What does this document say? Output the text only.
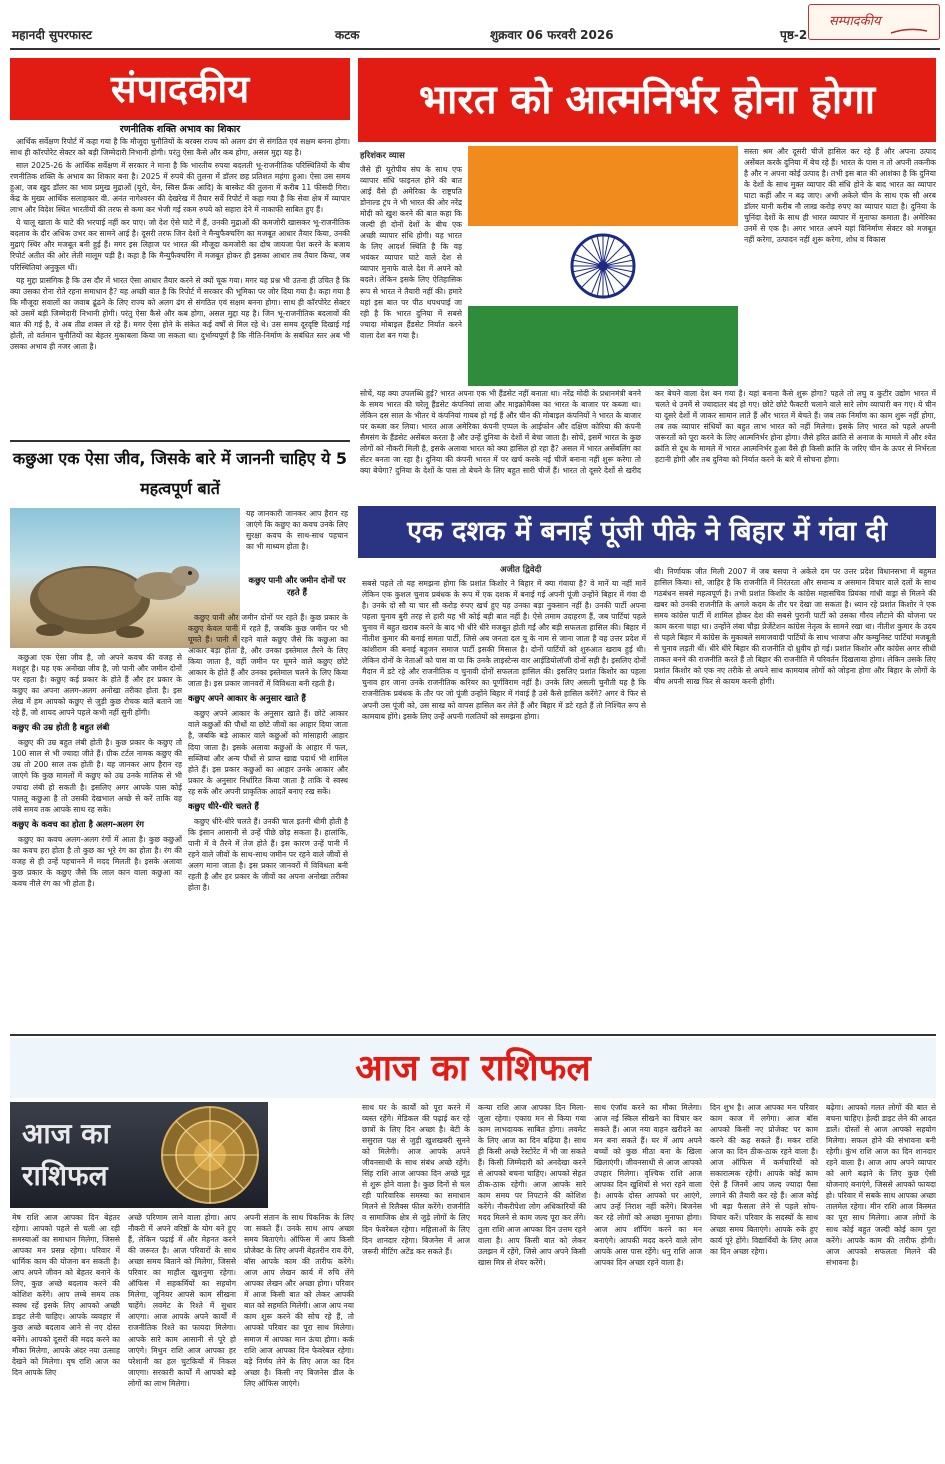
महानदी सुपरफास्ट	कटक	शुक्रवार 06 फरवरी 2026	पृष्ठ-2
सम्पादकीय
संपादकीय
रणनीतिक शक्ति अभाव का शिकार

आर्थिक सर्वेक्षण रिपोर्ट में कहा गया है कि मौजूदा चुनौतियों के बरक्स राज्य को अलग ढंग से संगठित एवं सक्षम बनना होगा। साथ ही कॉरपोरेट सेक्टर को बड़ी जिम्मेदारी निभानी होगी। परंतु ऐसा कैसे और कब होगा, असल मुद्दा यह है।

साल 2025-26 के आर्थिक सर्वेक्षण में सरकार ने माना है कि भारतीय रुपया बदलती भू-राजनीतिक परिस्थितियों के बीच रणनीतिक शक्ति के अभाव का शिकार बना है। 2025 में रुपये की तुलना में डॉलर छह प्रतिशत महंगा हुआ। ऐसा उस समय हुआ, जब खुद डॉलर का भाव प्रमुख मुद्राओं (यूरो, येन, स्विस फ्रैंक आदि) के बास्केट की तुलना में करीब 11 फीसदी गिरा। केंद्र के मुख्य आर्थिक सलाहकार वी. अनंत नागेश्वरन की देखरेख में तैयार सर्वे रिपोर्ट में कहा गया है कि सेवा क्षेत्र में व्यापार लाभ और विदेश स्थित भारतीयों की तरफ से कमा कर भेजी गई रकम रुपये को सहारा देने में नाकाफी साबित हुए हैं।

ये चालू खाता के घाटे की भरपाई नहीं कर पाए। जो देश ऐसे घाटे में हैं, उनकी मुद्राओं की कमजोरी खासकर भू-राजनीतिक बदलाव के दौर अधिक उभर कर सामने आई है। दूसरी तरफ जिन देशों ने मैन्युफैक्चरिंग का मजबूत आधार तैयार किया, उनकी मुद्राएं स्थिर और मजबूत बनी हुई हैं। मगर इस लिहाज पर भारत की मौजूदा कमजोरी का दोष जायजा पेश करने के बजाय रिपोर्ट अतीत की ओर लेती मालूम पड़ी है। कहा है कि मैन्युफैक्चरिंग में मजबूत होकर ही इसका आधार तब तैयार किया, जब परिस्थितियां अनुकूल थीं।

यह मुद्दा प्रासंगिक है कि उस दौर में भारत ऐसा आधार तैयार करने से क्यों चूक गया। मगर यह प्रश्न भी उतना ही उचित है कि क्या उसका रोना रोते रहना समाधान है? यह अच्छी बात है कि रिपोर्ट में सरकार की भूमिका पर जोर दिया गया है। कहा गया है कि मौजूदा सवालों का जवाब ढूंढने के लिए राज्य को अलग ढंग से संगठित एवं सक्षम बनना होगा। साथ ही कॉरपोरेट सेक्टर को उसमें बड़ी जिम्मेदारी निभानी होगी। परंतु ऐसा कैसे और कब होगा, असल मुद्दा यह है। जिन भू-राजनीतिक बदलावों की बात की गई है, वे अब तीव्र शक्ल ले रहे हैं। मगर ऐसा होने के संकेत कई वर्षों से मिल रहे थे। उस समय दूरदृष्टि दिखाई गई होती, तो वर्तमान चुनौतियों का बेहतर मुकाबला किया जा सकता था। दुर्भाग्यपूर्ण है कि नीति-निर्माण के सबंधित स्तर अब भी उसका अभाव ही नजर आता है।

भारत को आत्मनिर्भर होना होगा
हरिशंकर व्यास
जैसे ही यूरोपीय संघ के साथ एफ व्यापार संधि फाइनल होने की बात आई वैसे ही अमेरिका के राष्ट्रपति डोनाल्ड ट्रंप ने भी भारत की ओर नरेंद्र मोदी को खुश करने की बात कहा कि जल्दी ही दोनों देशों के बीच एक अच्छी व्यापार संधि होगी। यह भारत के लिए आदर्श स्थिति है कि वह भयंकर व्यापार घाटे वाले देश से व्यापार मुनाफे वाले देश में अपने को बदले। लेकिन इसके लिए ऐतिहासिक रूप से भारत ने तैयारी नहीं की। हमारे यहां इस बात पर पीठ थपथपाई जा रही है कि भारत दुनिया में सबसे ज्यादा मोबाइल हैंडसेट निर्यात करने वाला देश बन गया है।
सस्ता श्रम और दूसरी चीजें हासिल कर रहे हैं और अपना उत्पाद असेंबल करके दुनिया में बेच रहे हैं। भारत के पास न तो अपनी तकनीक है और न अपना कोई उत्पाद है। तभी इस बात की आशंका है कि दुनिया के देशों के साथ मुक्त व्यापार की संधि होने के बाद भारत का व्यापार घाटा कहीं और न बढ़ जाए। अभी अकेले चीन के साथ एक सौ अरब डॉलर यानी करीब नौ लाख करोड़ रुपए का व्यापार घाटा है। दुनिया के चुनिंदा देशों के साथ ही भारत व्यापार में मुनाफा कमाता है। अमेरिका उनमें से एक है। अगर भारत अपने यहां विनिर्माण सेक्टर को मजबूत नहीं करेगा, उत्पादन नहीं शुरू करेगा, शोध व विकास
सोचें, यह क्या उपलब्धि हुई? भारत अपना एक भी हैंडसेट नहीं बनाता था। नरेंद्र मोदी के प्रधानमंत्री बनने के समय भारत की चरेलू हैंडसेट कंपनियां लावा और माइक्रोमैक्स का भारत के बाजार पर कब्जा था। लेकिन दस साल के भीतर ये कंपनियां गायब हो गई हैं और चीन की मोबाइल कंपनियों ने भारत के बाजार पर कब्जा कर लिया। भारत आज अमेरिका कंपनी एप्पल के आईफोन और दक्षिण कोरिया की कंपनी सैमसंग के हैंडसेट असेंबल करता है और उन्हें दुनिया के देशों में बेचा जाता है। सोचें, इसमें भारत के कुछ लोगों को नौकरी मिली है, इसके अलावा भारत को क्या हासिल हो रहा है? असल में भारत असेंबलिंग का सेंटर बनता जा रहा है। दुनिया की कंपनी भारत में पर खर्च करके नई चीजें बनाना नहीं शुरू करेगा तो क्या बेचेगा? दुनिया के देशों के पास तो बेचने के लिए बहुत सारी चीजें हैं। भारत तो दूसरे देशों से खरीद कर बेचने वाला देश बन गया है। यहां बनाना कैसे शुरू होगा? पहले तो लघु व कुटीर उद्योग भारत में चलते थे उनमें से ज्यादातर बंद हो गए। छोटे छोटे फैक्टरी चलाने वाले सारे लोग व्यापारी बन गए। ये चीन या दूसरे देशों में जाकर सामान लाते हैं और भारत में बेचते हैं। जब तक निर्माण का काम शुरू नहीं होगा, तब तक व्यापार संधियों का बहुत लाभ भारत को नहीं मिलेगा। इसके लिए भारत को पहले अपनी जरूरतों को पूरा करने के लिए आत्मनिर्भर होना होगा। जैसे हरित क्रांति से अनाज के मामले में और श्वेत क्रांति से दूध के मामले में भारत आत्मनिर्भर हुआ वैसे ही किसी क्रांति के जरिए चीन के ऊपर से निर्भरता हटानी होगी और तब दुनिया को निर्यात करने के बारे में सोचना होगा।
कछुआ एक ऐसा जीव, जिसके बारे में जाननी चाहिए ये 5 महत्वपूर्ण बातें
यह जानकारी जानकर आप हैरान रह जाएंगे कि कछुए का कवच उनके लिए सुरक्षा कवच के साथ-साथ पहचान का भी माध्यम होता है।
कछुए पानी और जमीन दोनों पर रहते हैं

कछुआ एक ऐसा जीव है, जो अपने कवच की वजह से मशहूर है। यह एक अनोखा जीव है, जो पानी और जमीन दोनों पर रहता है। कछुए कई प्रकार के होते हैं और हर प्रकार के कछुए का अपना अलग-अलग अनोखा तरीका होता है। इस लेख में हम आपको कछुए से जुड़ी कुछ रोचक बातें बताने जा रहे हैं, जो शायद आपने पहले कभी नहीं सुनी होंगी।

कछुए की उम्र होती है बहुत लंबी

कछुए की उम्र बहुत लंबी होती है। कुछ प्रकार के कछुए तो 100 साल से भी ज्यादा जीते हैं। ग्रीक टर्टल नामक कछुए की उम्र तो 200 साल तक होती है। यह जानकर आप हैरान रह जाएंगे कि कुछ मामलों में कछुए को उम्र उनके मालिक से भी ज्यादा लंबी हो सकती है। इसलिए अगर आपके पास कोई पालतू कछुआ है तो उसकी देखभाल अच्छे से करें ताकि वह लंबे समय तक आपके साथ रह सके।

कछुए के कवच का होता है अलग-अलग रंग

कछुए का कवच अलग-अलग रंगों में आता है। कुछ कछुओं का कवच हरा होता है तो कुछ का भूरे रंग का होता है। रंग की वजह से ही उन्हें पहचानने में मदद मिलती है। इसके अलावा कुछ प्रकार के कछुए जैसे कि लाल कान वाला कछुआ का कवच नीले रंग का भी होता है।

कछुए पानी और जमीन दोनों पर रहते हैं। कुछ प्रकार के कछुए केवल पानी में रहते हैं, जबकि कुछ जमीन पर भी घूमते हैं। पानी में रहने वाले कछुए जैसे कि कछुआ का आकार बड़ा होता है, और उनका इस्तेमाल तैरने के लिए किया जाता है, वहीं जमीन पर घूमने वाले कछुए छोटे आकार के होते हैं और उनका इस्तेमाल चलने के लिए किया जाता है। इस प्रकार जानवरों में विविधता बनी रहती है।

कछुए अपने आकार के अनुसार खाते हैं

कछुए अपने आकार के अनुसार खाते हैं। छोटे आकार वाले कछुओं की पौधों या छोटे जीवों का आहार दिया जाता है, जबकि बड़े आकार वाले कछुओं को मांसाहारी आहार दिया जाता है। इसके अलावा कछुओं के आहार में फल, सब्जियां और अन्य पौधों से प्राप्त खाद्य पदार्थ भी शामिल होते हैं। इस प्रकार कछुओं का आहार उनके आकार और प्रकार के अनुसार निर्धारित किया जाता है ताकि वे स्वस्थ रह सकें और अपनी प्राकृतिक आदतें बनाए रख सकें।

कछुए धीरे-धीरे चलते हैं

कछुए धीरे-धीरे चलते हैं। उनकी चाल इतनी धीमी होती है कि इंसान आसानी से उन्हें पीछे छोड़ सकता है। हालांकि, पानी में वे तैरने में तेज होते हैं। इस कारण उन्हें पानी में रहने वाले जीवों के साथ-साथ जमीन पर रहने वाले जीवों से अलग माना जाता है। इस प्रकार जानवरों में विविधता बनी रहती है और हर प्रकार के जीवों का अपना अनोखा तरीका होता है।

एक दशक में बनाई पूंजी पीके ने बिहार में गंवा दी
अजीत द्विवेदी
सबसे पहले तो यह समझना होगा कि प्रशांत किशोर ने बिहार में क्या गंवाया है? वे मानें या नहीं मानें लेकिन एक कुशल चुनाव प्रबंधक के रूप में एक दशक में बनाई गई अपनी पूंजी उन्होंने बिहार में गंवा दी है। उनके दो सौ या चार सौ करोड़ रुपए खर्च हुए यह उनका बड़ा नुकसान नहीं है। उनकी पार्टी अपना पहला चुनाव बुरी तरह से हारी यह भी कोई बड़ी बात नहीं है। ऐसे तमाम उदाहरण हैं, जब पार्टियां पहले चुनाव में बहुत खराब करने के बाद भी धीरे धीरे मजबूत होती गईं और बड़ी सफलता हासिल की। बिहार में नीतीश कुमार की बनाई समता पार्टी, जिसे अब जनता दल यू के नाम से जाना जाता है वह उत्तर प्रदेश में कांशीराम की बनाई बहुजन समाज पार्टी इसकी मिसाल है। दोनों पार्टियों को शुरुआत खराब हुई थी। लेकिन दोनों के नेताओं को पास वा पा कि उनके लाइस्टेन्स वार आईडियोलॉजी दोनों सही है। इसलिए दोनों मैदान में डटे रहे और राजनीतिक व चुनावी दोनों सफलता हासिल की। इसलिए प्रशांत किशोर का पहला चुनाव हार जाना उनके राजनीतिक करियर का पूर्णविराम नहीं है। उनके लिए असली चुनौती यह है कि राजनीतिक प्रबंधक के तौर पर जो पूंजी उन्होंने बिहार में गंवाई है उसे कैसे हासिल करेंगे? अगर वे फिर से अपनी उस पूंजी को, उस साख को वापस हासिल कर लेते हैं और बिहार में डटे रहते हैं तो निश्चित रूप से कामयाब होंगे। इसके लिए उन्हें अपनी गलतियों को समझना होगा।
थी। निर्णायक जीत मिली 2007 में जब बसपा ने अकेले दम पर उत्तर प्रदेश विधानसभा में बहुमत हासिल किया। सो, जाहिर है कि राजनीति में निरंतरता और समान्य व असमान विचार वाले दलों के साथ गठबंधन सबसे महत्वपूर्ण है। तभी प्रशांत किशोर के कांग्रेस महासचिव प्रियंका गांधी वाड्रा से मिलने की खबर को उनकी राजनीति के अगले कदम के तौर पर देखा जा सकता है। ध्यान रहे प्रशांत किशोर ने एक समय कांग्रेस पार्टी में शामिल होकर देश की सबसे पुरानी पार्टी को उसका गौरव लौटाने की योजना पर काम करना चाहा था। उन्होंने लंबा चौड़ा प्रेजेंटेशन कांग्रेस नेतृत्व के सामने रखा था। नीतीश कुमार के उदय से पहले बिहार में कांग्रेस के मुकाबले समाजवादी पार्टियों के साथ भाजपा और कम्युनिस्ट पार्टियां मजबूती से चुनाव लड़ती थीं। धीरे धीरे बिहार की राजनीति दो ध्रुवीय हो गई। प्रशांत किशोर और कांग्रेस अगर सीधी ताकत बनने की राजनीति करते हैं तो बिहार की राजनीति में परिवर्तन दिखलाया होगा। लेकिन उसके लिए प्रशांत किशोर को एक नए तरीके से अपने साथ कामयाब लोगों को जोड़ना होगा और बिहार के लोगों के बीच अपनी साख फिर से कायम करनी होगी।
आज का राशिफल
आज का
राशिफल
मेष राशि आज आपका दिन बेहतर रहेगा। आपको पहले से चली आ रही समस्याओं का समाधान मिलेगा, जिससे आपका मन प्रसन्न रहेगा। परिवार में धार्मिक काम की योजना बन सकती है। आप अपने जीवन को बेहतर बनाने के लिए, कुछ अच्छे बदलाव करने की कोशिश करेंगे। आप लम्बे समय तक स्वस्थ रहें इसके लिए आपको अच्छी डाइट लेनी चाहिए। आपके व्यवहार में कुछ अच्छे बदलाव आने से नए दोस्त बनेंगे। आपको दूसरों की मदद करने का मौका मिलेगा, आपके अंदर नया उत्साह देखने को मिलेगा। वृष राशि आज का दिन आपके लिए
अच्छे परिणाम लाने वाला होगा। आप नौकरी में अपने वरिष्ठों के योग बने हुए हैं, लेकिन पढ़ाई में और मेहनत करने की जरूरत है। आज परिवारों के साथ अच्छा समय बिताने को मिलेगा, जिससे परिवार का माहौल खुशनुमा रहेगा। ऑफिस में सहकर्मियों का सहयोग मिलेगा, जूनियर आपसे काम सीखना चाहेंगे। लवमेट के रिश्ते में सुधार आएगा। आज आपके अपने कार्यों में राजनीतिक रिश्ते का फायदा मिलेगा। आपके सारे काम आसानी से पूरे हो जाएंगे। मिथुन राशि आज आपका हर परेशानी का हल चुटकियों में निकल जाएगा। सरकारी कार्यों में आपको बड़े लोगों का लाभ मिलेगा।
अपनी संतान के साथ पिकनिक के लिए जा सकते हैं। उनके साथ आप अच्छा समय बिताएंगे। ऑफिस में आप किसी प्रोजेक्ट के लिए अपनी बेहतरीन राय देंगे, बॉस आपके काम की तारीफ करेंगे। आज आप लेखन कार्य में रुचि लेंगे आपका लेखन और अच्छा होगा। परिवार में आज किसी बात को लेकर आपकी बात को सहमति मिलेगी। आज आप नया काम शुरू करने की सोच रहे हैं, तो आपको परिवार का पूरा साथ मिलेगा। समाज में आपका मान ऊंचा होगा। कर्क राशि आज आपका दिन फेवरेबल रहेगा। बड़े निर्णय लेने के लिए आज का दिन अच्छा है। किसी नए बिजनेस डील के लिए ऑफिस जाएंगे।
साथ घर के कार्यों को पूरा करने में व्यस्त रहेंगे। मेडिकल की पढ़ाई कर रहे छात्रों के लिए दिन अच्छा है। बेटी के ससुराल पक्ष से जुड़ी खुशखबरी सुनने को मिलेगी। आज आपके अपने जीवनसाथी के साथ संबंध अच्छे रहेंगे। सिंह राशि आज आपका दिन अच्छे मूड से शुरू होने वाला है। कुछ दिनों से चल रही पारिवारिक समस्या का समाधान मिलने से रिलैक्स फील करेंगे। राजनीति व सामाजिक क्षेत्र से जुड़े लोगों के लिए दिन फेवरेबल रहेगा। महिलाओं के लिए दिन शानदार रहेगा। बिजनेस में आज जरूरी मीटिंग अटेंड कर सकते हैं।
कन्या राशि आज आपका दिन मिला-जुला रहेगा। एकाग्र मन से किया गया काम लाभदायक साबित होगा। लवमेट के लिए आज का दिन बढ़िया है। साथ ही किसी अच्छे रेस्टोरेंट में भी जा सकते हैं। किसी जिम्मेदारी को अनदेखा करने से आपको बचना चाहिए। आपको सेहत ठीक-ठाक रहेगी। आज आपके सारे काम समय पर निपटाने की कोशिश करेंगे। नौकरीपेशा लोग अधिकारियों की मदद मिलने से काम जल्द पूरा कर लेंगे। तुला राशि आज आपका दिन उत्तम रहने वाला है। आप किसी बात को लेकर उलझन में रहेंगे, जिसे आप अपने किसी खास मित्र से शेयर करेंगे।
साथ एंजॉय करने का मौका मिलेगा। आज नई स्किल सीखने का विचार कर सकते हैं। आज नया वाहन खरीदने का मन बना सकते हैं। घर में आप अपने बच्चों को कुछ मीठा बना के खिला खिलाएंगी। जीवनसाथी से आज आपको उपहार मिलेगा। वृश्चिक राशि आज आपका दिन खुशियों से भरा रहने वाला है। आपके दोस्त आपको घर आएंगे, आप उन्हें निराश नहीं करेंगे। बिजनेस कर रहे लोगों को अच्छा मुनाफा होगा। आज आप शॉपिंग करने का मन बनाएंगे। आपकी मदद करने वाले लोग आपके आस पास रहेंगे। धनु राशि आज आपका दिन अच्छा रहने वाला है।
दिन शुभ है। आज आपका मन परिवार काम काज में लगेगा। आज बॉस आपको किसी नए प्रोजेक्ट पर काम करने की कह सकते हैं। मकर राशि आज का दिन ठीक-ठाक रहने वाला है। आज ऑफिस में कर्मचारियों को सकारात्मक रहेगी। आपके कोई काम ऐसे हैं जिनमें आप जल्द ज्यादा पैसा लगाने की तैयारी कर रहे हैं। आज कोई भी बड़ा फैसला लेने से पहले सोच-विचार करें। परिवार के सदस्यों के साथ अच्छा समय बिताएंगे। आपके रुके हुए कार्य पूरे होंगे। विद्यार्थियों के लिए आज का दिन अच्छा रहेगा।
बढ़ेगा। आपको गलत लोगों की बात से बचना चाहिए। हेल्दी डाइट लेने की आदत डालें। दोस्तों से आज आपको सहयोग मिलेगा। सफल होने की संभावना बनी रहेगी। कुंभ राशि आज का दिन शानदार रहने वाला है। आज आप अपने व्यापार को आगे बढ़ाने के लिए कुछ ऐसी योजनाएं बनाएंगे, जिससे आपको फायदा हो। परिवार में सबके साथ आपका अच्छा तालमेल रहेगा। मीन राशि आज किस्मत का पूरा साथ मिलेगा। आज लोगों के साथ कोई बहुत जल्दी कोई काम पूरा करेंगे। आपके काम की तारीफ होगी। आज आपको सफलता मिलने की संभावना है।
